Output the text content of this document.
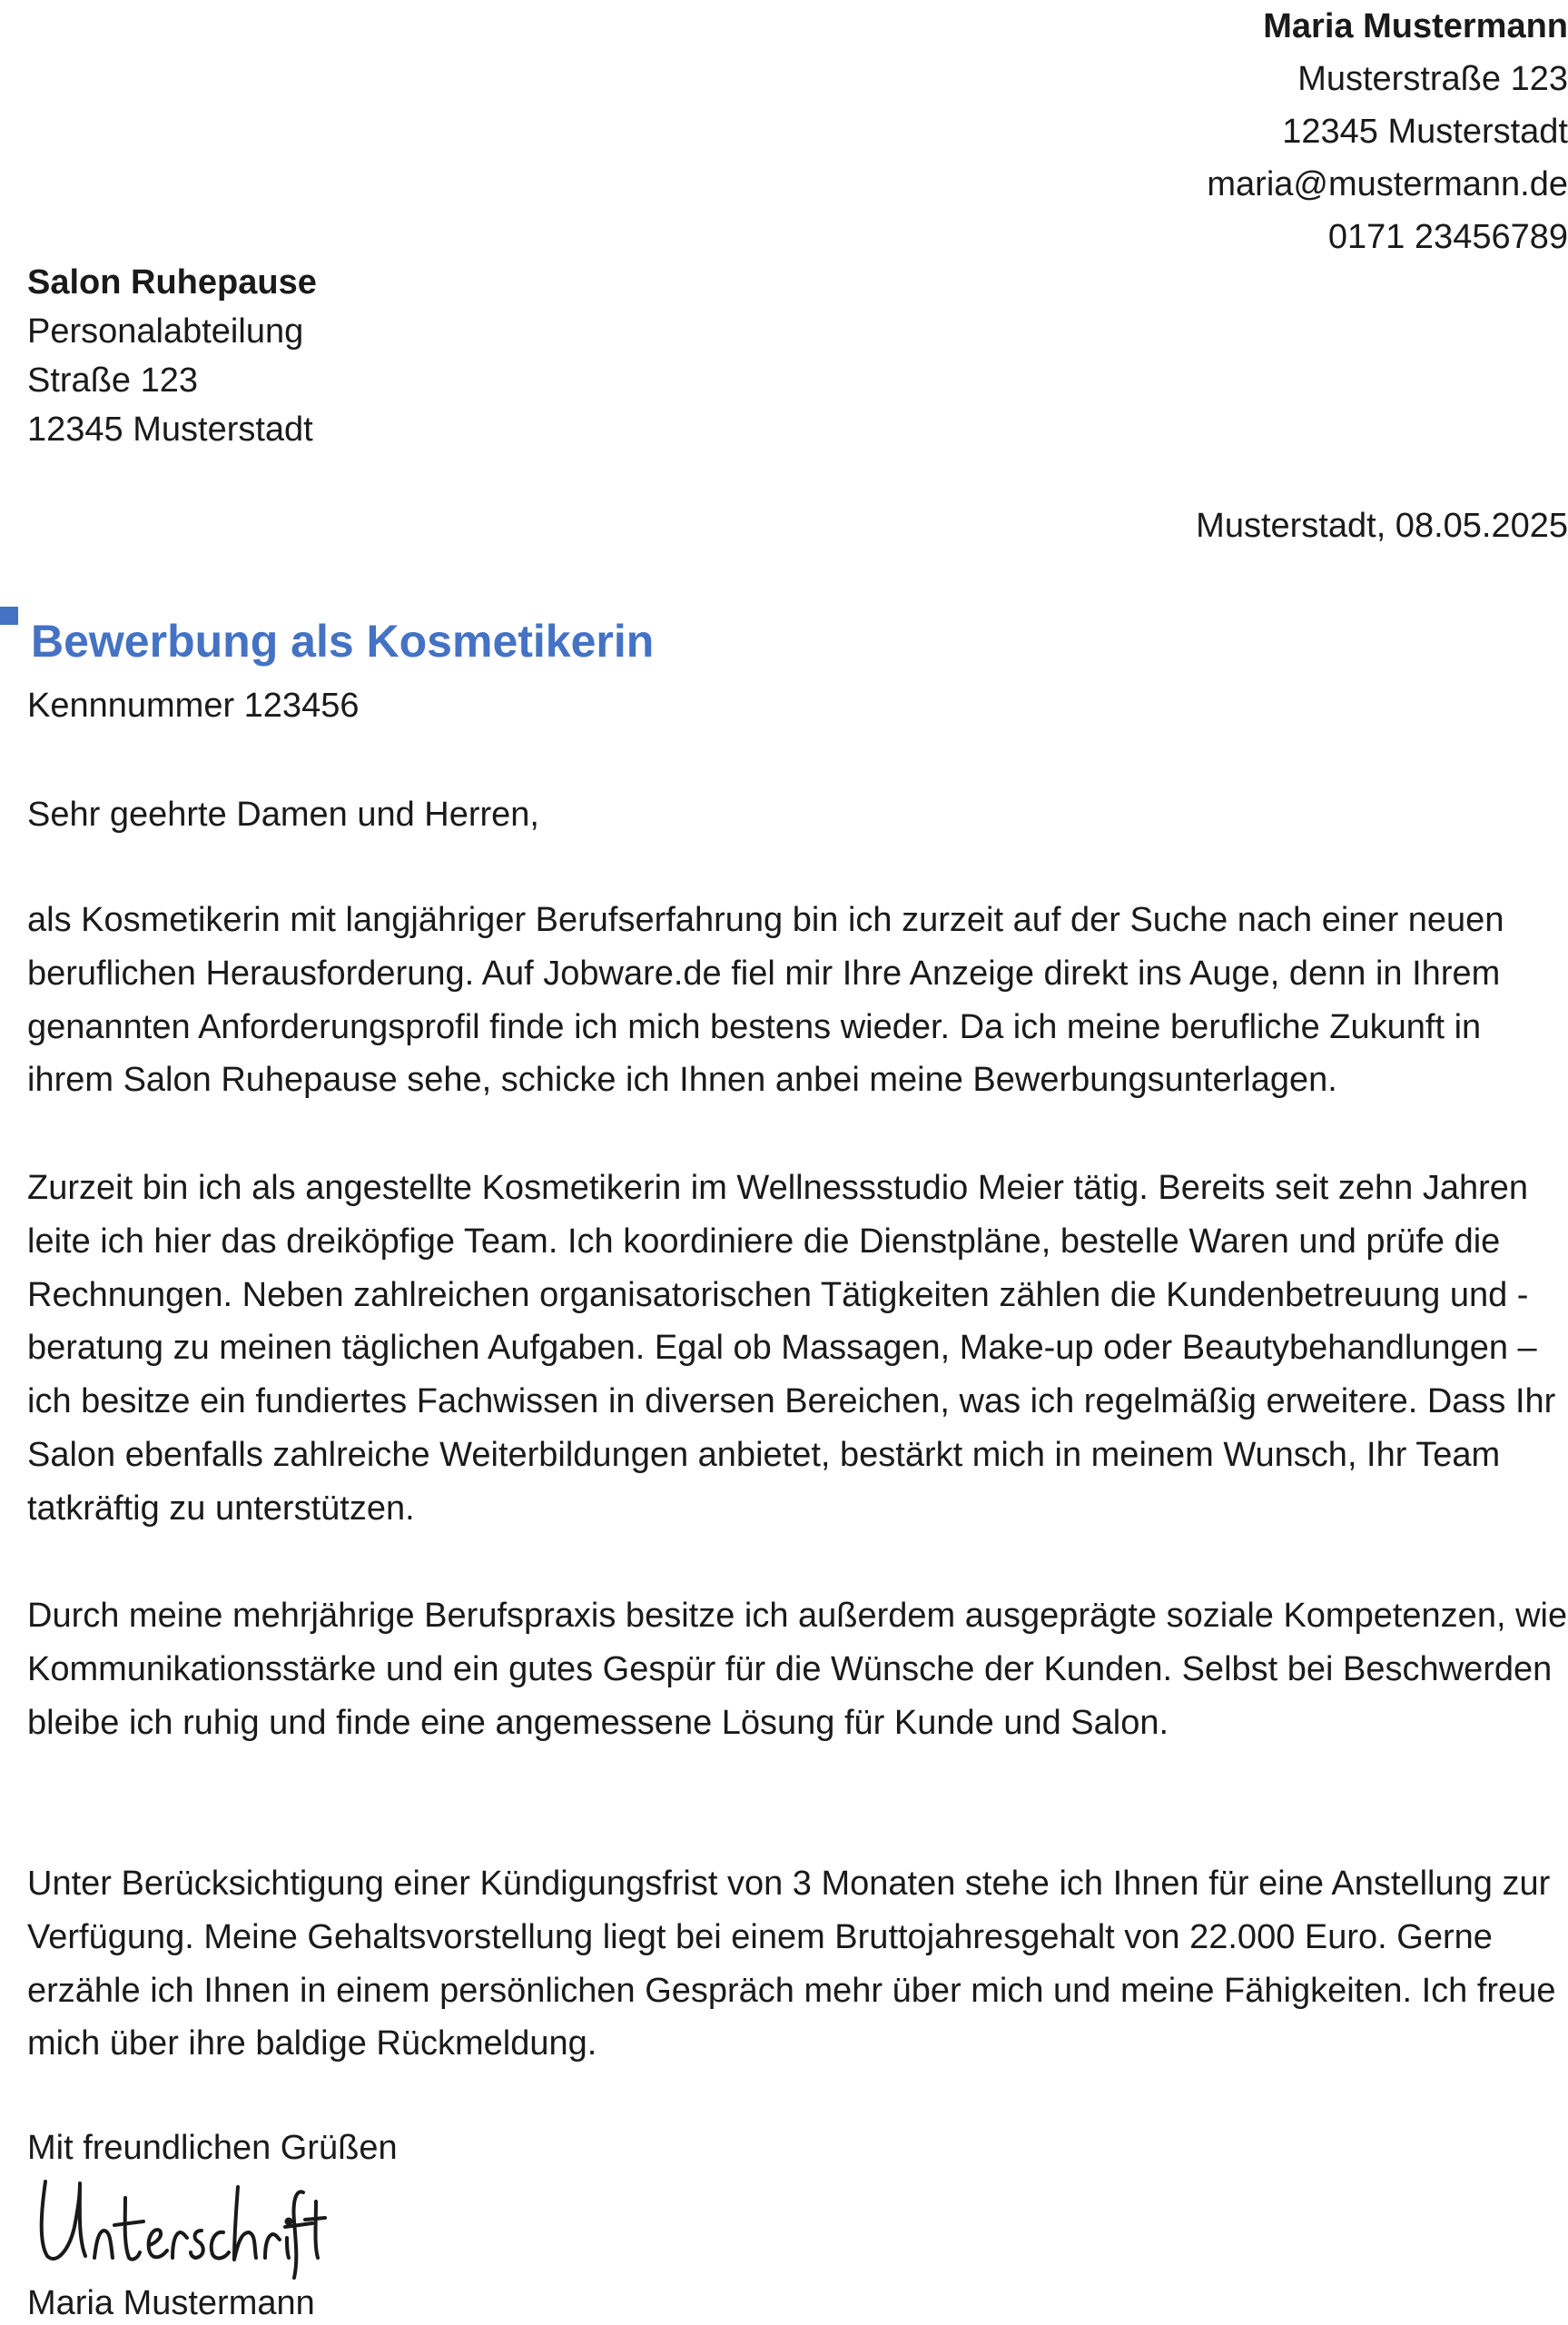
Maria Mustermann
Musterstraße 123
12345 Musterstadt
maria@mustermann.de
0171 23456789
Salon Ruhepause
Personalabteilung
Straße 123
12345 Musterstadt
Musterstadt, 08.05.2025
Bewerbung als Kosmetikerin
Kennnummer 123456
Sehr geehrte Damen und Herren,

als Kosmetikerin mit langjähriger Berufserfahrung bin ich zurzeit auf der Suche nach einer neuen beruflichen Herausforderung. Auf Jobware.de fiel mir Ihre Anzeige direkt ins Auge, denn in Ihrem genannten Anforderungsprofil finde ich mich bestens wieder. Da ich meine berufliche Zukunft in ihrem Salon Ruhepause sehe, schicke ich Ihnen anbei meine Bewerbungsunterlagen.

Zurzeit bin ich als angestellte Kosmetikerin im Wellnessstudio Meier tätig. Bereits seit zehn Jahren leite ich hier das dreiköpfige Team. Ich koordiniere die Dienstpläne, bestelle Waren und prüfe die Rechnungen. Neben zahlreichen organisatorischen Tätigkeiten zählen die Kundenbetreuung und -beratung zu meinen täglichen Aufgaben. Egal ob Massagen, Make-up oder Beautybehandlungen – ich besitze ein fundiertes Fachwissen in diversen Bereichen, was ich regelmäßig erweitere. Dass Ihr Salon ebenfalls zahlreiche Weiterbildungen anbietet, bestärkt mich in meinem Wunsch, Ihr Team tatkräftig zu unterstützen.

Durch meine mehrjährige Berufspraxis besitze ich außerdem ausgeprägte soziale Kompetenzen, wie Kommunikationsstärke und ein gutes Gespür für die Wünsche der Kunden. Selbst bei Beschwerden bleibe ich ruhig und finde eine angemessene Lösung für Kunde und Salon.

Unter Berücksichtigung einer Kündigungsfrist von 3 Monaten stehe ich Ihnen für eine Anstellung zur Verfügung. Meine Gehaltsvorstellung liegt bei einem Bruttojahresgehalt von 22.000 Euro. Gerne erzähle ich Ihnen in einem persönlichen Gespräch mehr über mich und meine Fähigkeiten. Ich freue mich über ihre baldige Rückmeldung.

Mit freundlichen Grüßen
Maria Mustermann
